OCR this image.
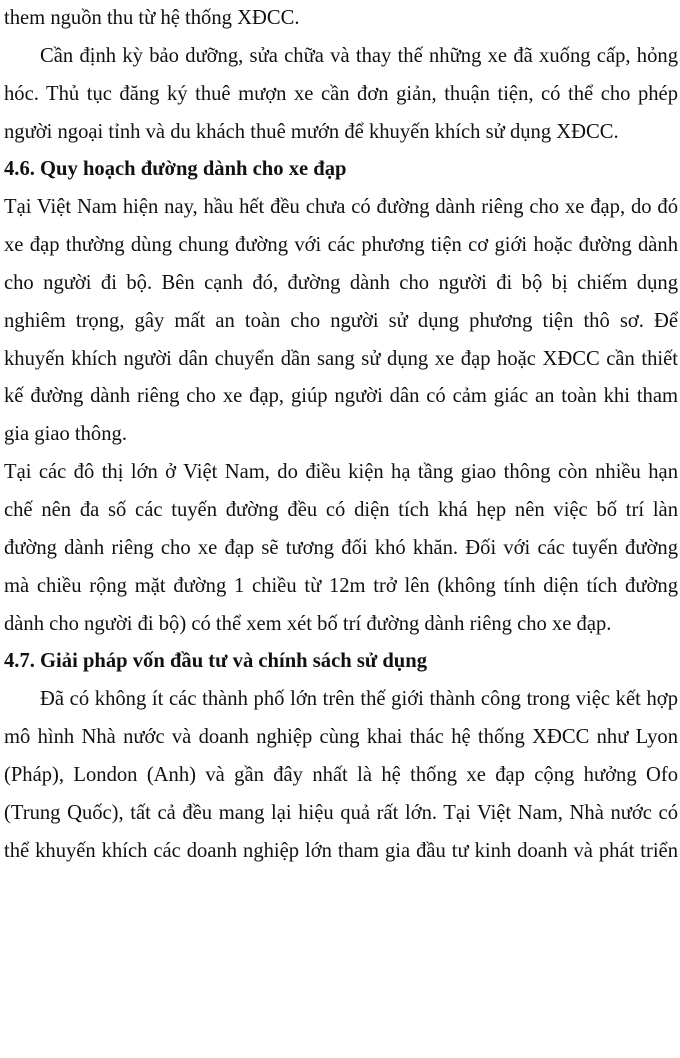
them nguồn thu từ hệ thống XĐCC.
Cần định kỳ bảo dưỡng, sửa chữa và thay thế những xe đã xuống cấp, hỏng
hóc. Thủ tục đăng ký thuê mượn xe cần đơn giản, thuận tiện, có thể cho phép
người ngoại tỉnh và du khách thuê mướn để khuyến khích sử dụng XĐCC.
4.6. Quy hoạch đường dành cho xe đạp
Tại Việt Nam hiện nay, hầu hết đều chưa có đường dành riêng cho xe đạp, do đó
xe đạp thường dùng chung đường với các phương tiện cơ giới hoặc đường dành
cho người đi bộ. Bên cạnh đó, đường dành cho người đi bộ bị chiếm dụng
nghiêm trọng, gây mất an toàn cho người sử dụng phương tiện thô sơ. Để
khuyến khích người dân chuyển dần sang sử dụng xe đạp hoặc XĐCC cần thiết
kế đường dành riêng cho xe đạp, giúp người dân có cảm giác an toàn khi tham
gia giao thông.
Tại các đô thị lớn ở Việt Nam, do điều kiện hạ tầng giao thông còn nhiều hạn
chế nên đa số các tuyến đường đều có diện tích khá hẹp nên việc bố trí làn
đường dành riêng cho xe đạp sẽ tương đối khó khăn. Đối với các tuyến đường
mà chiều rộng mặt đường 1 chiều từ 12m trở lên (không tính diện tích đường
dành cho người đi bộ) có thể xem xét bố trí đường dành riêng cho xe đạp.
4.7. Giải pháp vốn đầu tư và chính sách sử dụng
Đã có không ít các thành phố lớn trên thế giới thành công trong việc kết hợp
mô hình Nhà nước và doanh nghiệp cùng khai thác hệ thống XĐCC như Lyon
(Pháp), London (Anh) và gần đây nhất là hệ thống xe đạp cộng hưởng Ofo
(Trung Quốc), tất cả đều mang lại hiệu quả rất lớn. Tại Việt Nam, Nhà nước có
thể khuyến khích các doanh nghiệp lớn tham gia đầu tư kinh doanh và phát triển
